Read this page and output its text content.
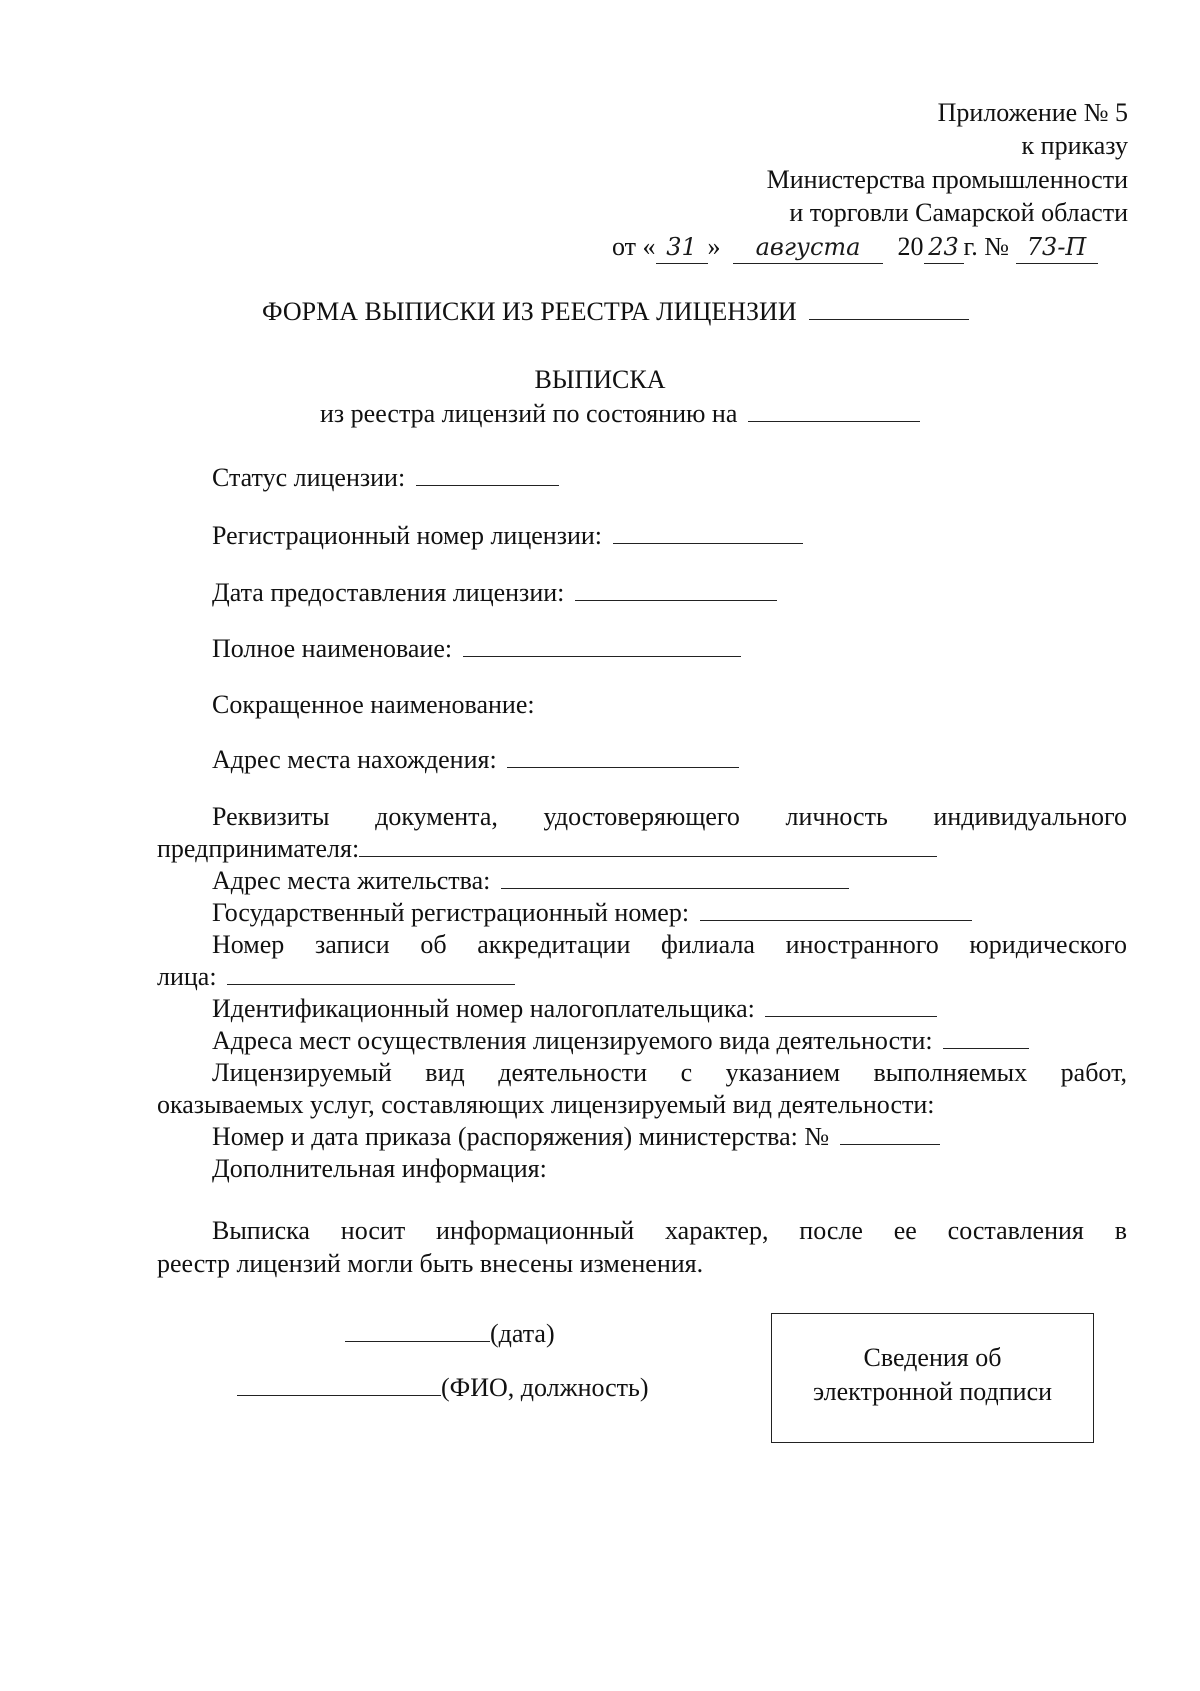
Приложение № 5
к приказу
Министерства промышленности
и торговли Самарской области
от « 31 » августа 20 23 г. № 73-П
ФОРМА ВЫПИСКИ ИЗ РЕЕСТРА ЛИЦЕНЗИИ
ВЫПИСКА
из реестра лицензий по состоянию на
Статус лицензии:
Регистрационный номер лицензии:
Дата предоставления лицензии:
Полное наименоваие:
Сокращенное наименование:
Адрес места нахождения:
Реквизиты документа, удостоверяющего личность индивидуального
предпринимателя:
Адрес места жительства:
Государственный регистрационный номер:
Номер записи об аккредитации филиала иностранного юридического
лица:
Идентификационный номер налогоплательщика:
Адреса мест осуществления лицензируемого вида деятельности:
Лицензируемый вид деятельности с указанием выполняемых работ,
оказываемых услуг, составляющих лицензируемый вид деятельности:
Номер и дата приказа (распоряжения) министерства: №
Дополнительная информация:
Выписка носит информационный характер, после ее составления в
реестр лицензий могли быть внесены изменения.
(дата)
(ФИО, должность)
Сведения об
электронной подписи
